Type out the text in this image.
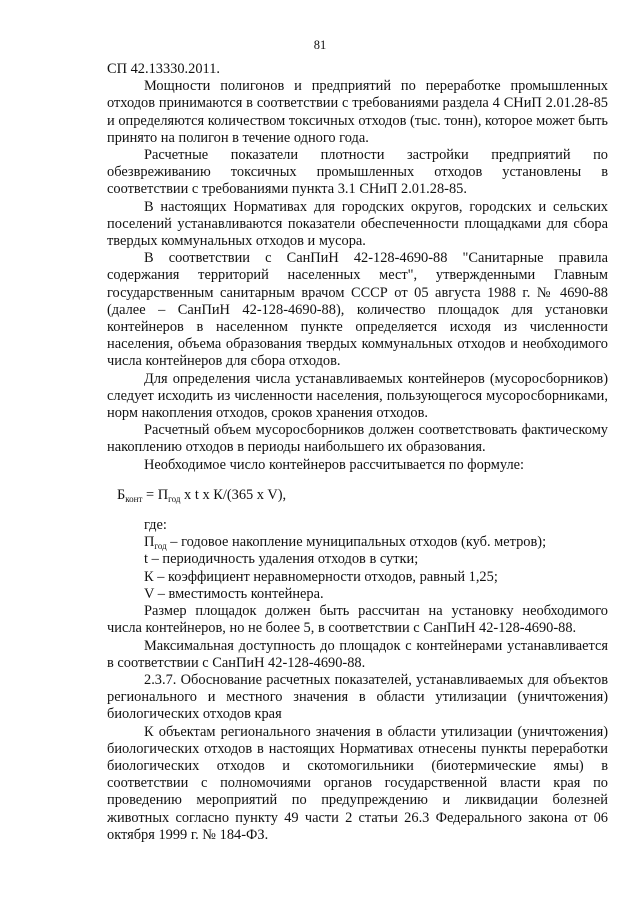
81

СП 42.13330.2011.

Мощности полигонов и предприятий по переработке промышленных отходов принимаются в соответствии с требованиями раздела 4 СНиП 2.01.28-85 и определяются количеством токсичных отходов (тыс. тонн), которое может быть принято на полигон в течение одного года.

Расчетные показатели плотности застройки предприятий по обезвреживанию токсичных промышленных отходов установлены в соответствии с требованиями пункта 3.1 СНиП 2.01.28-85.

В настоящих Нормативах для городских округов, городских и сельских поселений устанавливаются показатели обеспеченности площадками для сбора твердых коммунальных отходов и мусора.

В соответствии с СанПиН 42-128-4690-88 "Санитарные правила содержания территорий населенных мест", утвержденными Главным государственным санитарным врачом СССР от 05 августа 1988 г. № 4690-88 (далее – СанПиН 42-128-4690-88), количество площадок для установки контейнеров в населенном пункте определяется исходя из численности населения, объема образования твердых коммунальных отходов и необходимого числа контейнеров для сбора отходов.

Для определения числа устанавливаемых контейнеров (мусоросборников) следует исходить из численности населения, пользующегося мусоросборниками, норм накопления отходов, сроков хранения отходов.

Расчетный объем мусоросборников должен соответствовать фактическому накоплению отходов в периоды наибольшего их образования.

Необходимое число контейнеров рассчитывается по формуле:

$Б_{конт} = П_{год}$ x t x К/(365 x V),

где:

$П_{год}$ – годовое накопление муниципальных отходов (куб. метров);

t – периодичность удаления отходов в сутки;

К – коэффициент неравномерности отходов, равный 1,25;

V – вместимость контейнера.

Размер площадок должен быть рассчитан на установку необходимого числа контейнеров, но не более 5, в соответствии с СанПиН 42-128-4690-88.

Максимальная доступность до площадок с контейнерами устанавливается в соответствии с СанПиН 42-128-4690-88.

2.3.7. Обоснование расчетных показателей, устанавливаемых для объектов регионального и местного значения в области утилизации (уничтожения) биологических отходов края

К объектам регионального значения в области утилизации (уничтожения) биологических отходов в настоящих Нормативах отнесены пункты переработки биологических отходов и скотомогильники (биотермические ямы) в соответствии с полномочиями органов государственной власти края по проведению мероприятий по предупреждению и ликвидации болезней животных согласно пункту 49 части 2 статьи 26.3 Федерального закона от 06 октября 1999 г. № 184-ФЗ.
